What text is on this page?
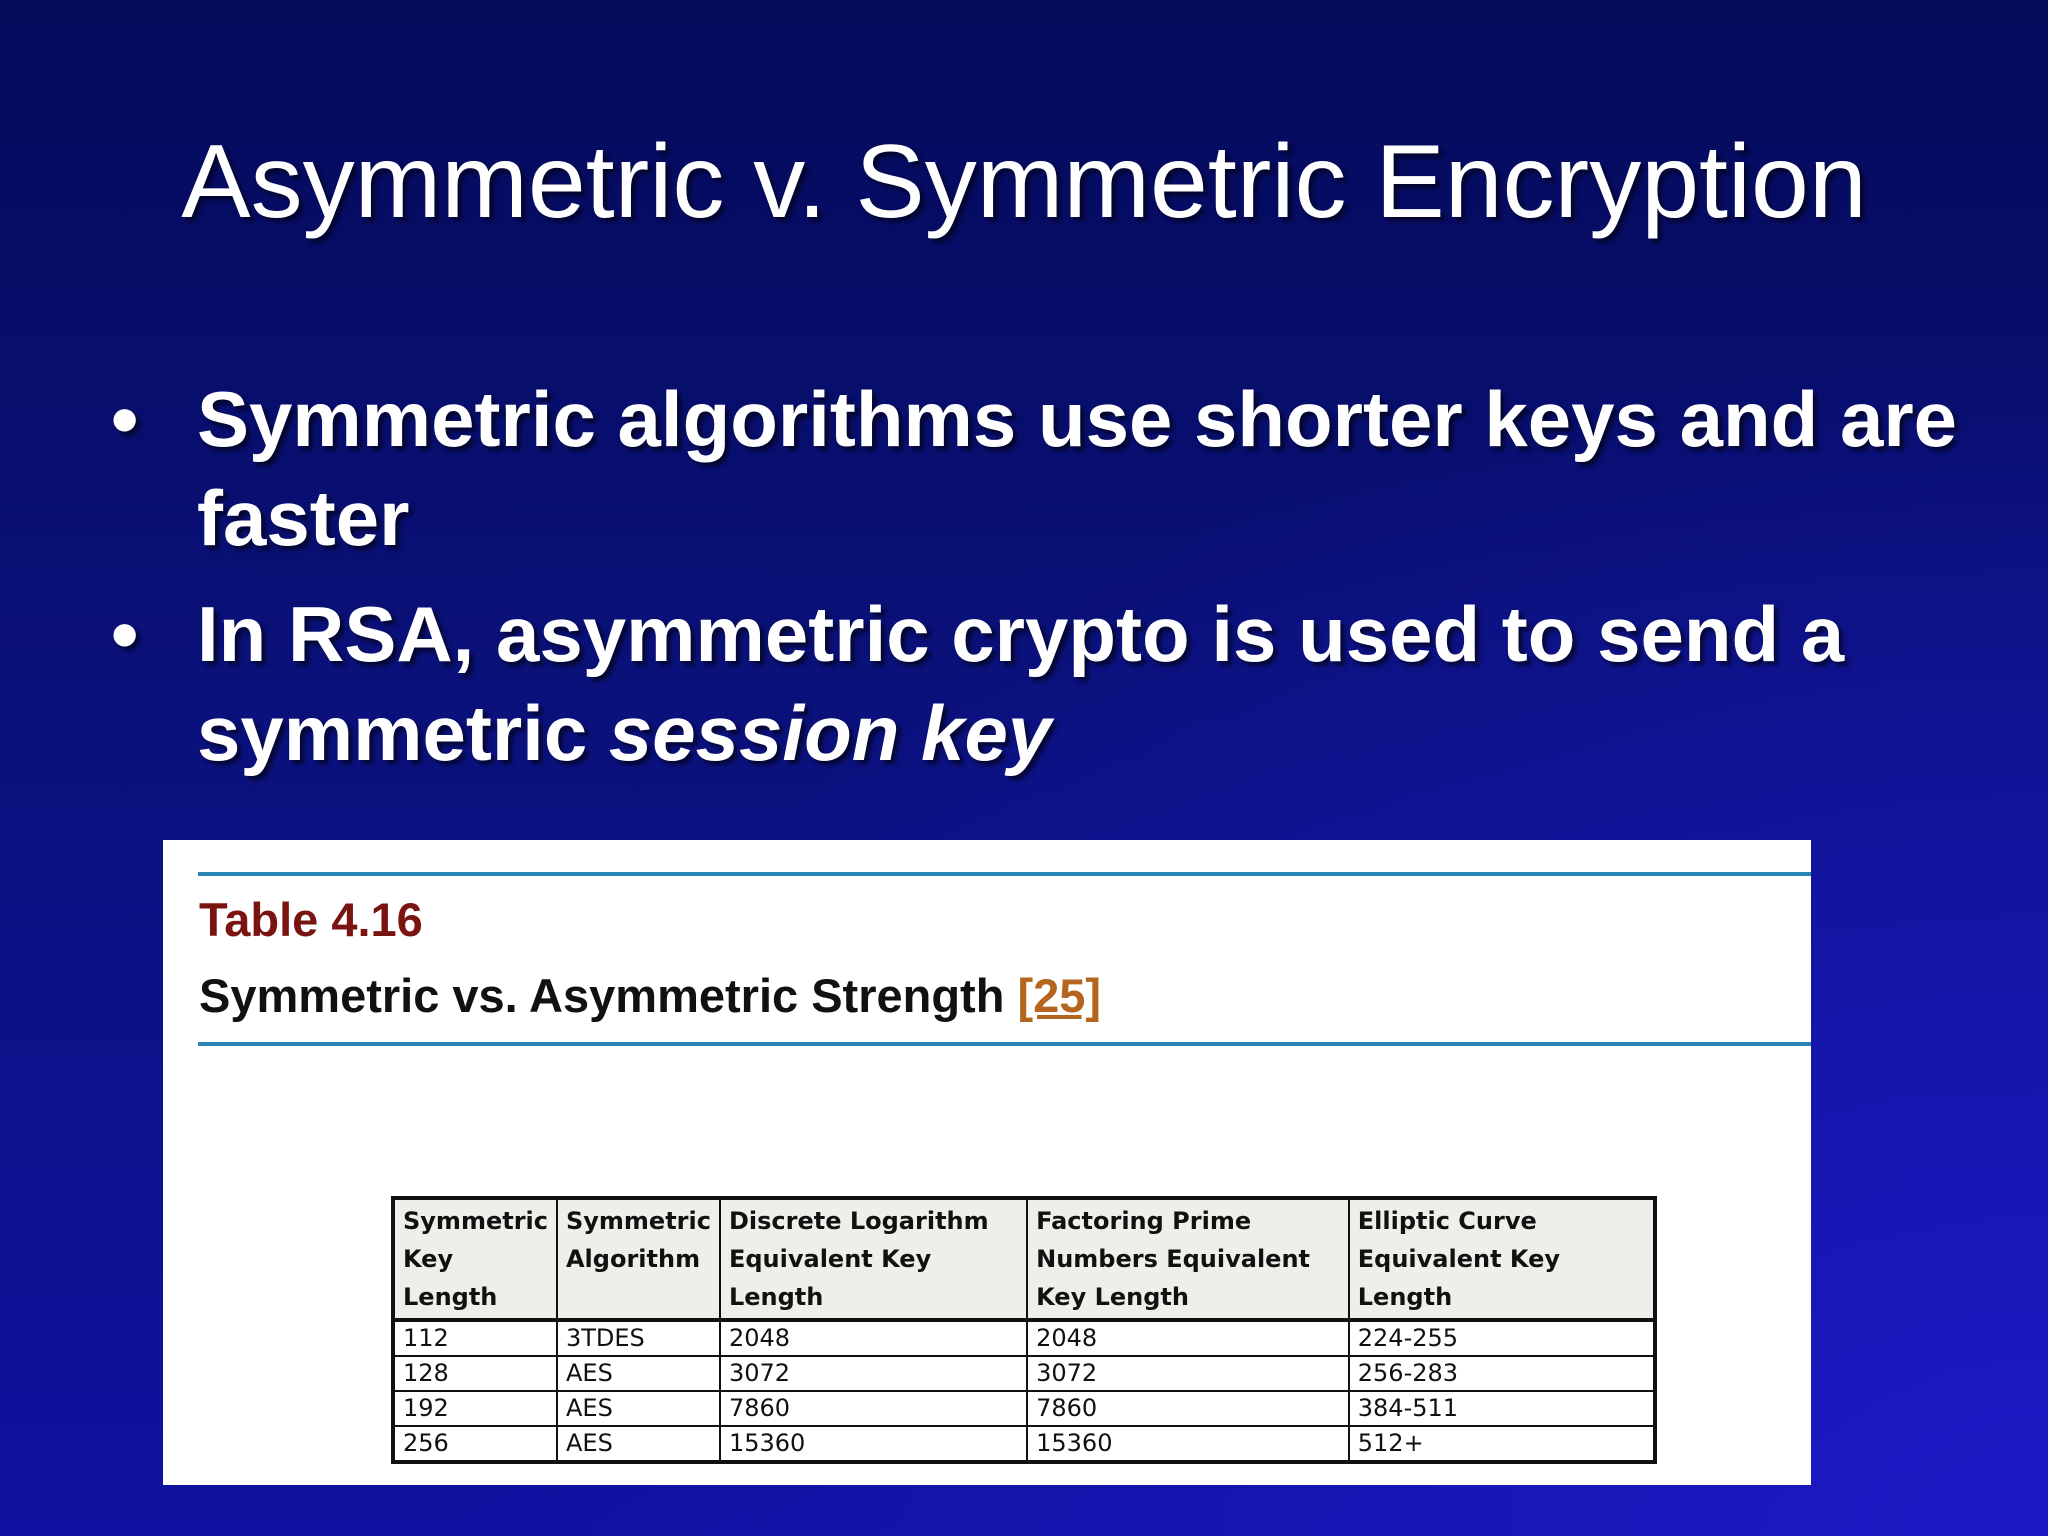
Asymmetric v. Symmetric Encryption
• Symmetric algorithms use shorter keys and are faster
• In RSA, asymmetric crypto is used to send a symmetric session key
Table 4.16
Symmetric vs. Asymmetric Strength [25]
Symmetric Key Length	Symmetric Algorithm	Discrete Logarithm Equivalent Key Length	Factoring Prime Numbers Equivalent Key Length	Elliptic Curve Equivalent Key Length
112	3TDES	2048	2048	224-255
128	AES	3072	3072	256-283
192	AES	7860	7860	384-511
256	AES	15360	15360	512+
